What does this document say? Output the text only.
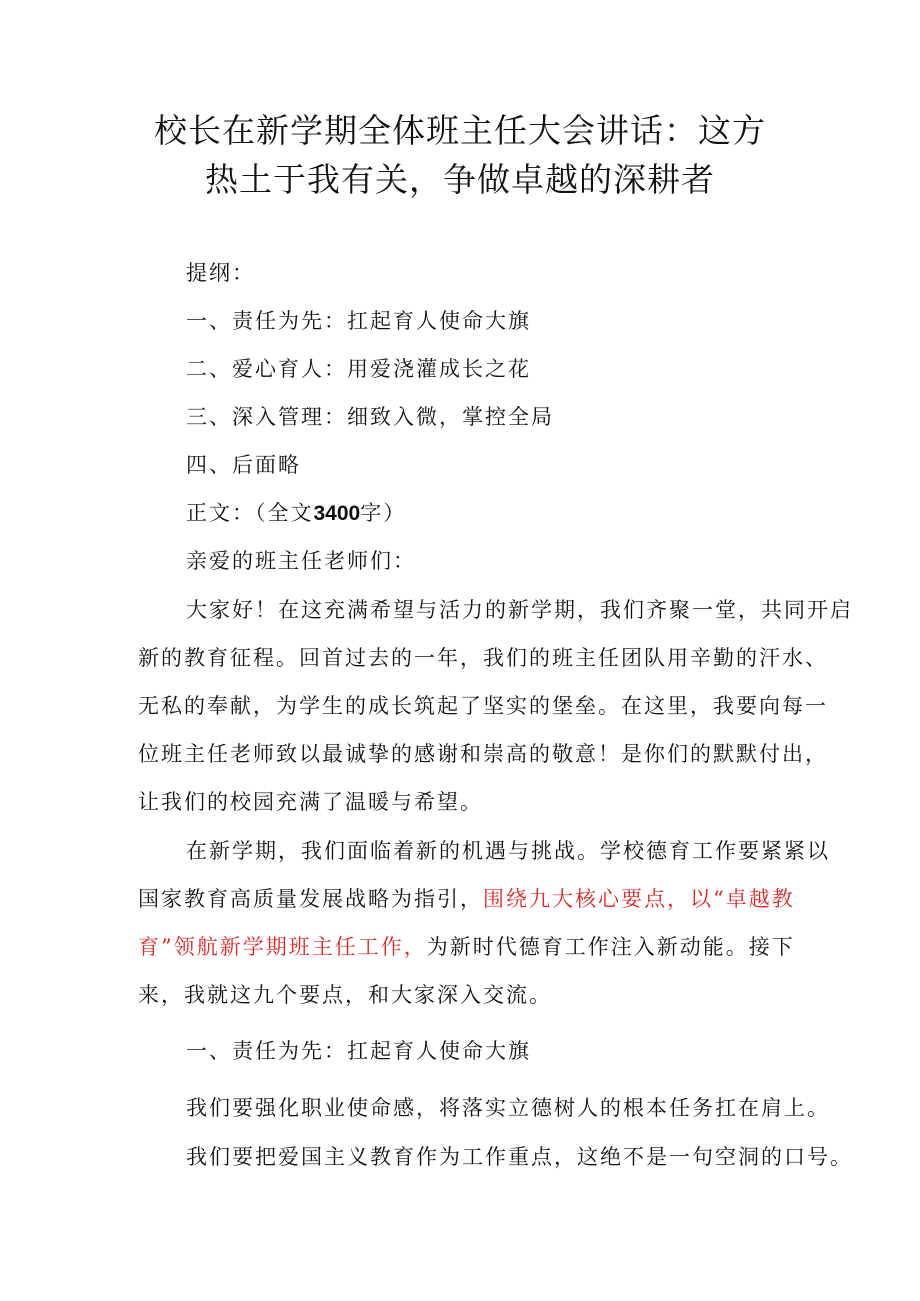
校长在新学期全体班主任大会讲话：这方
热土于我有关，争做卓越的深耕者
提纲：
一、责任为先：扛起育人使命大旗
二、爱心育人：用爱浇灌成长之花
三、深入管理：细致入微，掌控全局
四、后面略
正文：（全文3400字）
亲爱的班主任老师们：
大家好！在这充满希望与活力的新学期，我们齐聚一堂，共同开启
新的教育征程。回首过去的一年，我们的班主任团队用辛勤的汗水、
无私的奉献，为学生的成长筑起了坚实的堡垒。在这里，我要向每一
位班主任老师致以最诚挚的感谢和崇高的敬意！是你们的默默付出，
让我们的校园充满了温暖与希望。
在新学期，我们面临着新的机遇与挑战。学校德育工作要紧紧以
国家教育高质量发展战略为指引，围绕九大核心要点，以“卓越教
育”领航新学期班主任工作，为新时代德育工作注入新动能。接下
来，我就这九个要点，和大家深入交流。
一、责任为先：扛起育人使命大旗
我们要强化职业使命感，将落实立德树人的根本任务扛在肩上。
我们要把爱国主义教育作为工作重点，这绝不是一句空洞的口号。
